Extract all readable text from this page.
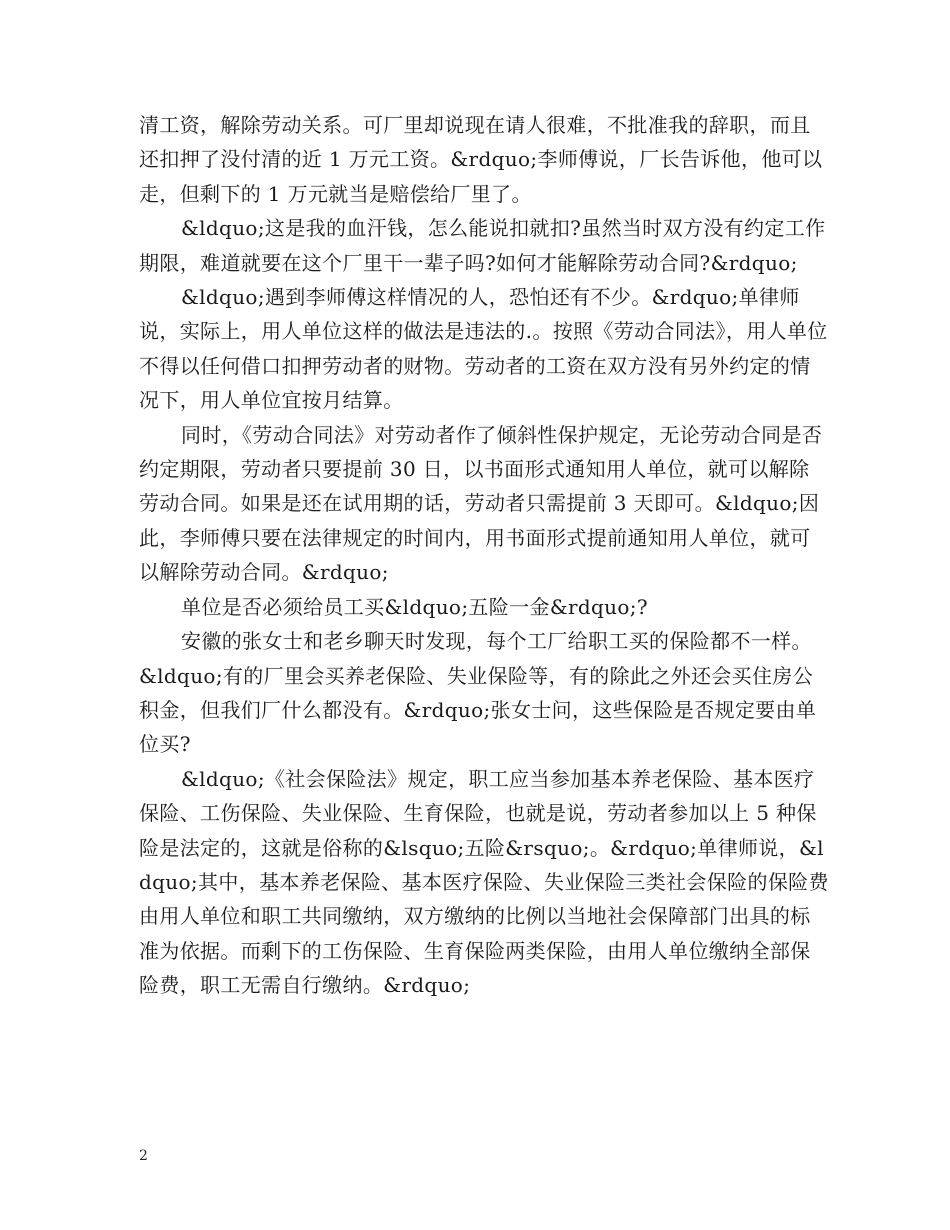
清工资，解除劳动关系。可厂里却说现在请人很难，不批准我的辞职，而且还扣押了没付清的近 1 万元工资。&rdquo;李师傅说，厂长告诉他，他可以走，但剩下的 1 万元就当是赔偿给厂里了。

&ldquo;这是我的血汗钱，怎么能说扣就扣?虽然当时双方没有约定工作期限，难道就要在这个厂里干一辈子吗?如何才能解除劳动合同?&rdquo;

&ldquo;遇到李师傅这样情况的人，恐怕还有不少。&rdquo;单律师说，实际上，用人单位这样的做法是违法的.。按照《劳动合同法》，用人单位不得以任何借口扣押劳动者的财物。劳动者的工资在双方没有另外约定的情况下，用人单位宜按月结算。

同时，《劳动合同法》对劳动者作了倾斜性保护规定，无论劳动合同是否约定期限，劳动者只要提前 30 日，以书面形式通知用人单位，就可以解除劳动合同。如果是还在试用期的话，劳动者只需提前 3 天即可。&ldquo;因此，李师傅只要在法律规定的时间内，用书面形式提前通知用人单位，就可以解除劳动合同。&rdquo;

单位是否必须给员工买&ldquo;五险一金&rdquo;?

安徽的张女士和老乡聊天时发现，每个工厂给职工买的保险都不一样。&ldquo;有的厂里会买养老保险、失业保险等，有的除此之外还会买住房公积金，但我们厂什么都没有。&rdquo;张女士问，这些保险是否规定要由单位买?

&ldquo;《社会保险法》规定，职工应当参加基本养老保险、基本医疗保险、工伤保险、失业保险、生育保险，也就是说，劳动者参加以上 5 种保险是法定的，这就是俗称的&lsquo;五险&rsquo;。&rdquo;单律师说，&ldquo;其中，基本养老保险、基本医疗保险、失业保险三类社会保险的保险费由用人单位和职工共同缴纳，双方缴纳的比例以当地社会保障部门出具的标准为依据。而剩下的工伤保险、生育保险两类保险，由用人单位缴纳全部保险费，职工无需自行缴纳。&rdquo;

2
